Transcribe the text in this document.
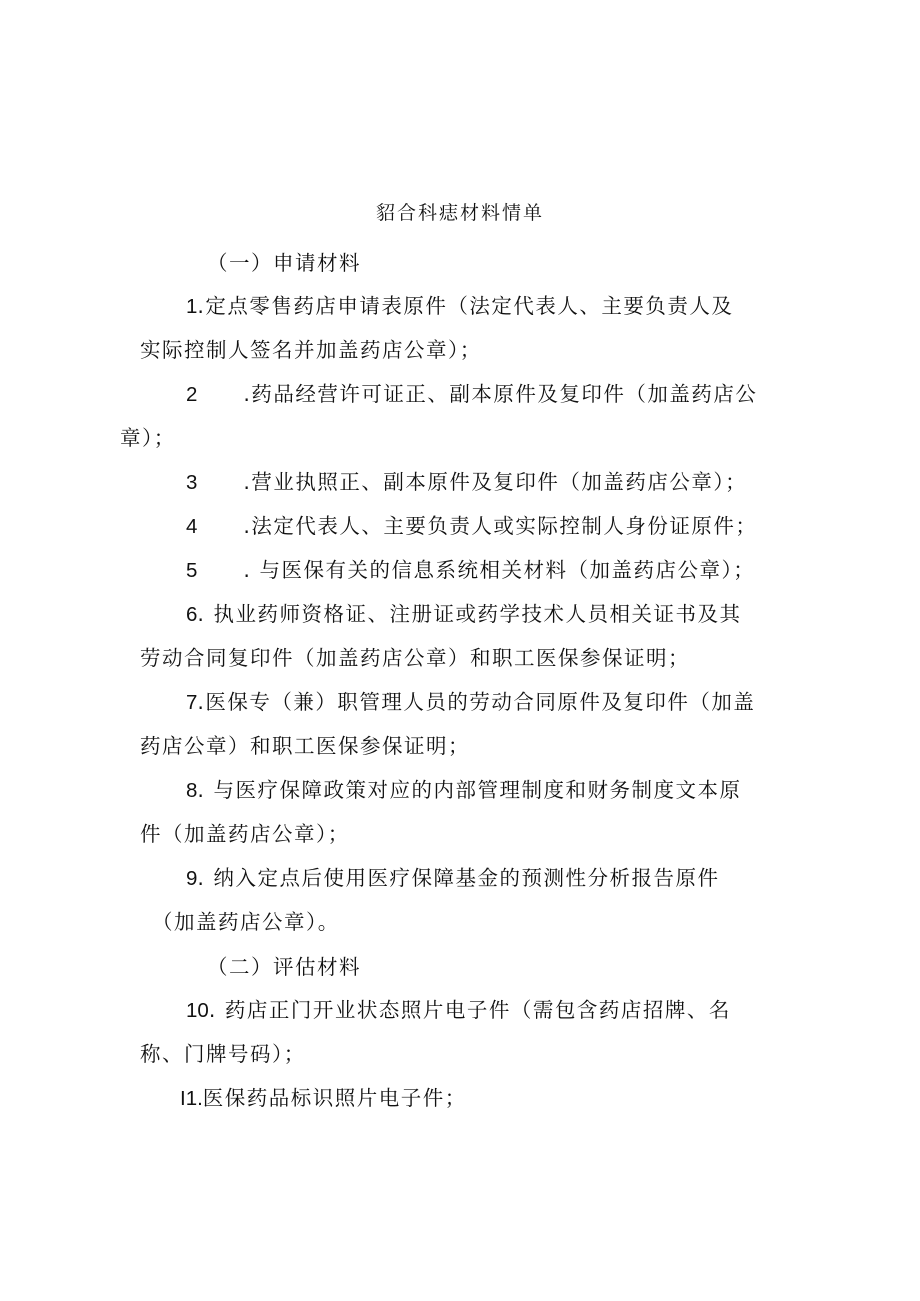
貂合科痣材料情单
（一）申请材料
1.定点零售药店申请表原件（法定代表人、主要负责人及
实际控制人签名并加盖药店公章）；
2 .药品经营许可证正、副本原件及复印件（加盖药店公
章）；
3 .营业执照正、副本原件及复印件（加盖药店公章）；
4 .法定代表人、主要负责人或实际控制人身份证原件；
5 . 与医保有关的信息系统相关材料（加盖药店公章）；
6. 执业药师资格证、注册证或药学技术人员相关证书及其
劳动合同复印件（加盖药店公章）和职工医保参保证明；
7.医保专（兼）职管理人员的劳动合同原件及复印件（加盖
药店公章）和职工医保参保证明；
8. 与医疗保障政策对应的内部管理制度和财务制度文本原
件（加盖药店公章）；
9. 纳入定点后使用医疗保障基金的预测性分析报告原件
（加盖药店公章）。
（二）评估材料
10. 药店正门开业状态照片电子件（需包含药店招牌、名
称、门牌号码）；
I1.医保药品标识照片电子件；
